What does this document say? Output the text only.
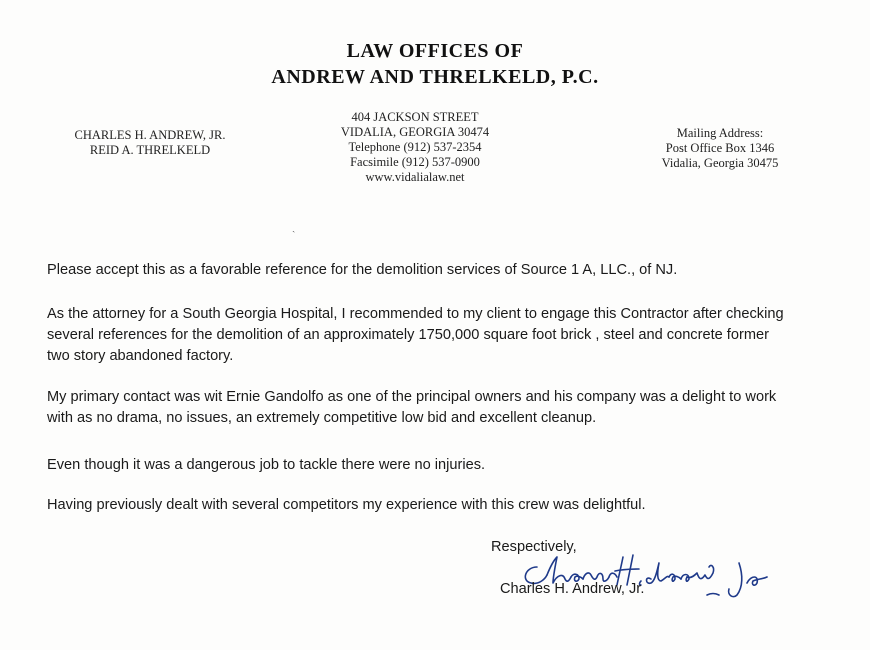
LAW OFFICES OF
ANDREW AND THRELKELD, P.C.
CHARLES H. ANDREW, JR.
REID A. THRELKELD
404 JACKSON STREET
VIDALIA, GEORGIA 30474
Telephone (912) 537-2354
Facsimile (912) 537-0900
www.vidalialaw.net
Mailing Address:
Post Office Box 1346
Vidalia, Georgia 30475
ˏ

Please accept this as a favorable reference for the demolition services of Source 1 A, LLC., of NJ.

As the attorney for a South Georgia Hospital, I recommended to my client to engage this Contractor after checking several references for the demolition of an approximately 1750,000 square foot brick , steel and concrete former two story abandoned factory.

My primary contact was wit Ernie Gandolfo as one of the principal owners and his company was a delight to work with as no drama, no issues, an extremely competitive low bid and excellent cleanup.

Even though it was a dangerous job to tackle there were no injuries.

Having previously dealt with several competitors my experience with this crew was delightful.

Respectively,
Charles H. Andrew, Jr.
